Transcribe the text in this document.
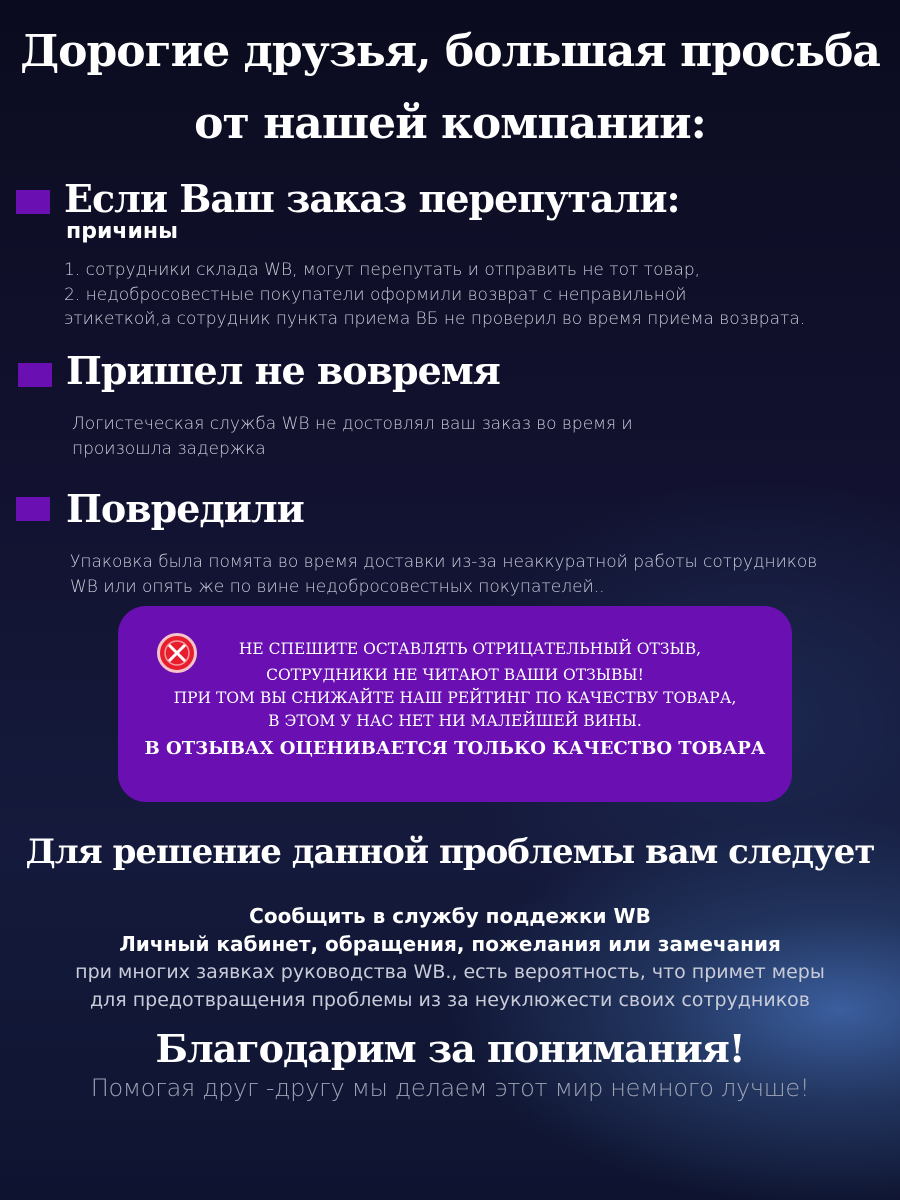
Дорогие друзья, большая просьба
от нашей компании:
Если Ваш заказ перепутали:
причины
1. сотрудники склада WB, могут перепутать и отправить не тот товар,
2. недобросовестные покупатели оформили возврат с неправильной
этикеткой,а сотрудник пункта приема ВБ не проверил во время приема возврата.
Пришел не вовремя
Логистеческая служба WB не достовлял ваш заказ во время и
произошла задержка
Повредили
Упаковка была помята во время доставки из-за неаккуратной работы сотрудников
WB или опять же по вине недобросовестных покупателей..
НЕ СПЕШИТЕ ОСТАВЛЯТЬ ОТРИЦАТЕЛЬНЫЙ ОТЗЫВ,
СОТРУДНИКИ НЕ ЧИТАЮТ ВАШИ ОТЗЫВЫ!
ПРИ ТОМ ВЫ СНИЖАЙТЕ НАШ РЕЙТИНГ ПО КАЧЕСТВУ ТОВАРА,
В ЭТОМ У НАС НЕТ НИ МАЛЕЙШЕЙ ВИНЫ.
В ОТЗЫВАХ ОЦЕНИВАЕТСЯ ТОЛЬКО КАЧЕСТВО ТОВАРА
Для решение данной проблемы вам следует
Сообщить в службу поддежки WB
Личный кабинет, обращения, пожелания или замечания
при многих заявках руководства WB., есть вероятность, что примет меры
для предотвращения проблемы из за неуклюжести своих сотрудников
Благодарим за понимания!
Помогая друг -другу мы делаем этот мир немного лучше!
